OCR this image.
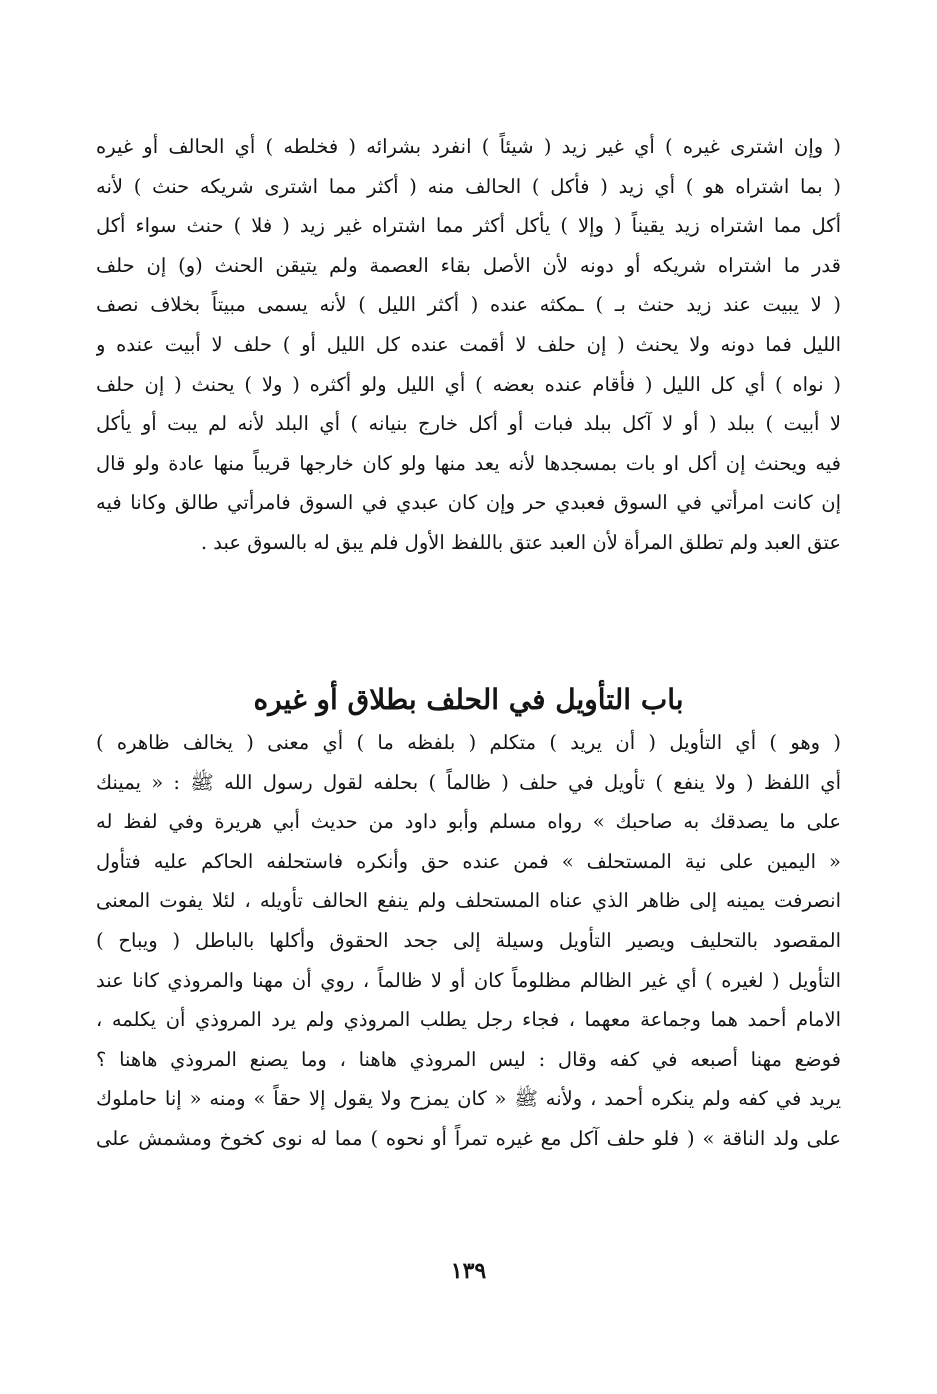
( وإن اشترى غيره ) أي غير زيد ( شيئاً ) انفرد بشرائه ( فخلطه ) أي الحالف أو غيره
( بما اشتراه هو ) أي زيد ( فأكل ) الحالف منه ( أكثر مما اشترى شريكه حنث ) لأنه
أكل مما اشتراه زيد يقيناً ( وإلا ) يأكل أكثر مما اشتراه غير زيد ( فلا ) حنث سواء أكل
قدر ما اشتراه شريكه أو دونه لأن الأصل بقاء العصمة ولم يتيقن الحنث (و) إن حلف
( لا يبيت عند زيد حنث بـ ) ـمكثه عنده ( أكثر الليل ) لأنه يسمى مبيتاً بخلاف نصف
الليل فما دونه ولا يحنث ( إن حلف لا أقمت عنده كل الليل أو ) حلف لا أبيت عنده و
( نواه ) أي كل الليل ( فأقام عنده بعضه ) أي الليل ولو أكثره ( ولا ) يحنث ( إن حلف
لا أبيت ) ببلد ( أو لا آكل ببلد فبات أو أكل خارج بنيانه ) أي البلد لأنه لم يبت أو يأكل
فيه ويحنث إن أكل او بات بمسجدها لأنه يعد منها ولو كان خارجها قريباً منها عادة ولو قال
إن كانت امرأتي في السوق فعبدي حر وإن كان عبدي في السوق فامرأتي طالق وكانا فيه
عتق العبد ولم تطلق المرأة لأن العبد عتق باللفظ الأول فلم يبق له بالسوق عبد .
باب التأويل في الحلف بطلاق أو غيره
( وهو ) أي التأويل ( أن يريد ) متكلم ( بلفظه ما ) أي معنى ( يخالف ظاهره )
أي اللفظ ( ولا ينفع ) تأويل في حلف ( ظالماً ) بحلفه لقول رسول الله ﷺ : « يمينك
على ما يصدقك به صاحبك » رواه مسلم وأبو داود من حديث أبي هريرة وفي لفظ له
« اليمين على نية المستحلف » فمن عنده حق وأنكره فاستحلفه الحاكم عليه فتأول
انصرفت يمينه إلى ظاهر الذي عناه المستحلف ولم ينفع الحالف تأويله ، لئلا يفوت المعنى
المقصود بالتحليف ويصير التأويل وسيلة إلى جحد الحقوق وأكلها بالباطل ( ويباح )
التأويل ( لغيره ) أي غير الظالم مظلوماً كان أو لا ظالماً ، روي أن مهنا والمروذي كانا عند
الامام أحمد هما وجماعة معهما ، فجاء رجل يطلب المروذي ولم يرد المروذي أن يكلمه ،
فوضع مهنا أصبعه في كفه وقال : ليس المروذي هاهنا ، وما يصنع المروذي هاهنا ؟
يريد في كفه ولم ينكره أحمد ، ولأنه ﷺ « كان يمزح ولا يقول إلا حقاً » ومنه « إنا حاملوك
على ولد الناقة » ( فلو حلف آكل مع غيره تمراً أو نحوه ) مما له نوى كخوخ ومشمش على
١٣٩
